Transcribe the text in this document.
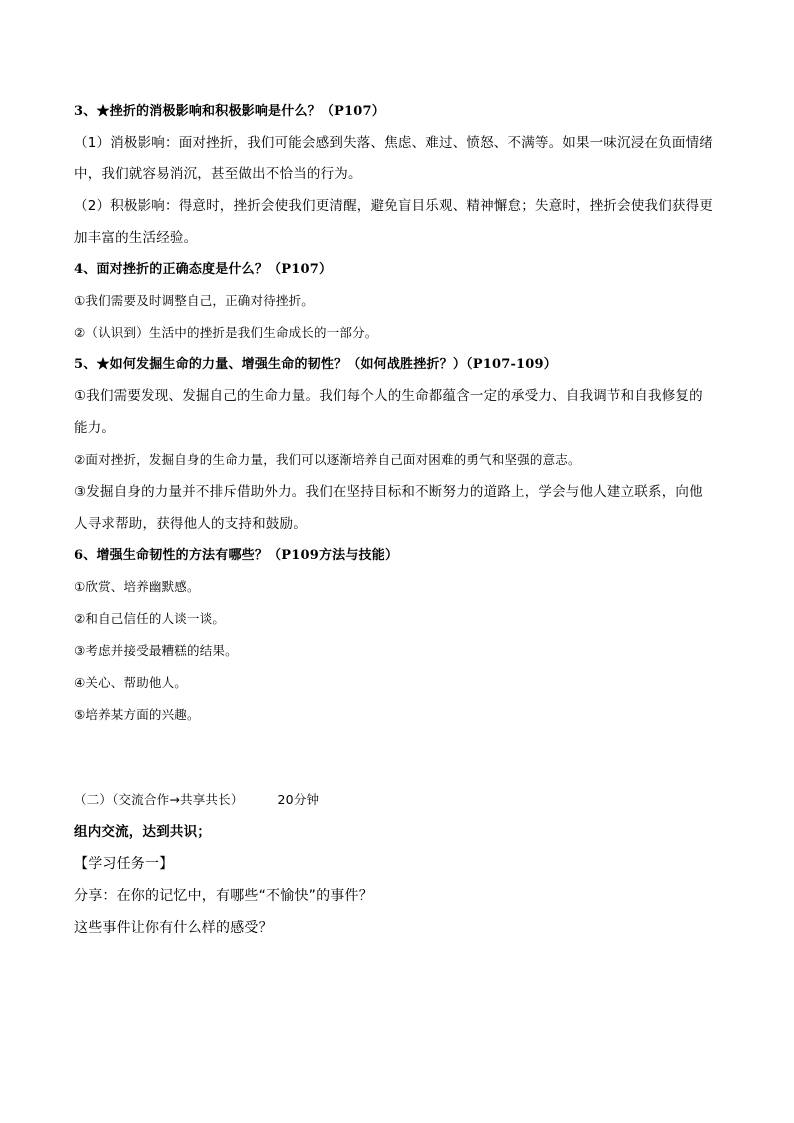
3、★挫折的消极影响和积极影响是什么？（P107）
（1）消极影响：面对挫折，我们可能会感到失落、焦虑、难过、愤怒、不满等。如果一味沉浸在负面情绪
中，我们就容易消沉，甚至做出不恰当的行为。
（2）积极影响：得意时，挫折会使我们更清醒，避免盲目乐观、精神懈怠；失意时，挫折会使我们获得更
加丰富的生活经验。
4、面对挫折的正确态度是什么？（P107）
①我们需要及时调整自己，正确对待挫折。
②（认识到）生活中的挫折是我们生命成长的一部分。
5、★如何发掘生命的力量、增强生命的韧性？（如何战胜挫折？）（P107-109）
①我们需要发现、发掘自己的生命力量。我们每个人的生命都蕴含一定的承受力、自我调节和自我修复的
能力。
②面对挫折，发掘自身的生命力量，我们可以逐渐培养自己面对困难的勇气和坚强的意志。
③发掘自身的力量并不排斥借助外力。我们在坚持目标和不断努力的道路上，学会与他人建立联系，向他
人寻求帮助，获得他人的支持和鼓励。
6、增强生命韧性的方法有哪些？（P109方法与技能）
①欣赏、培养幽默感。
②和自己信任的人谈一谈。
③考虑并接受最糟糕的结果。
④关心、帮助他人。
⑤培养某方面的兴趣。
（二）（交流合作→共享共长）	20分钟
组内交流，达到共识；
【学习任务一】
分享：在你的记忆中，有哪些“不愉快”的事件？
这些事件让你有什么样的感受？
